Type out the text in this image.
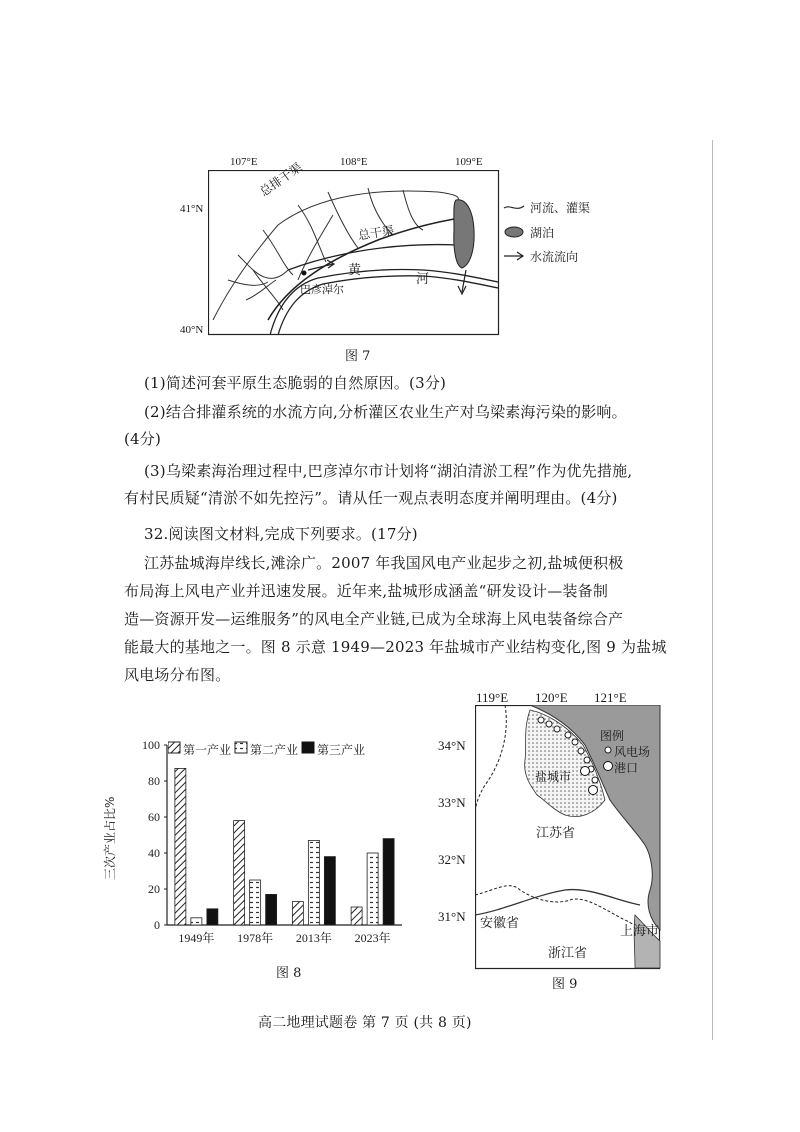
107°E	108°E	109°E
41°N
40°N
总排干渠
总干渠
黄
河
巴彦淖尔
河流、灌渠
湖泊
水流流向
图 7
(1)简述河套平原生态脆弱的自然原因。(3分)
(2)结合排灌系统的水流方向,分析灌区农业生产对乌梁素海污染的影响。
(4分)
(3)乌梁素海治理过程中,巴彦淖尔市计划将“湖泊清淤工程”作为优先措施,
有村民质疑“清淤不如先控污”。请从任一观点表明态度并阐明理由。(4分)
32.阅读图文材料,完成下列要求。(17分)
江苏盐城海岸线长,滩涂广。2007 年我国风电产业起步之初,盐城便积极
布局海上风电产业并迅速发展。近年来,盐城形成涵盖“研发设计—装备制
造—资源开发—运维服务”的风电全产业链,已成为全球海上风电装备综合产
能最大的基地之一。图 8 示意 1949—2023 年盐城市产业结构变化,图 9 为盐城
风电场分布图。
0
20
40
60
80
100
1949年 1978年 2013年 2023年
三次产业占比%
第一产业 第二产业 第三产业
图 8
119°E 120°E 121°E
34°N
33°N
32°N
31°N
图例
风电场
港口
盐城市
江苏省
安徽省
浙江省
上海市
图 9
高二地理试题卷 第 7 页 (共 8 页)
